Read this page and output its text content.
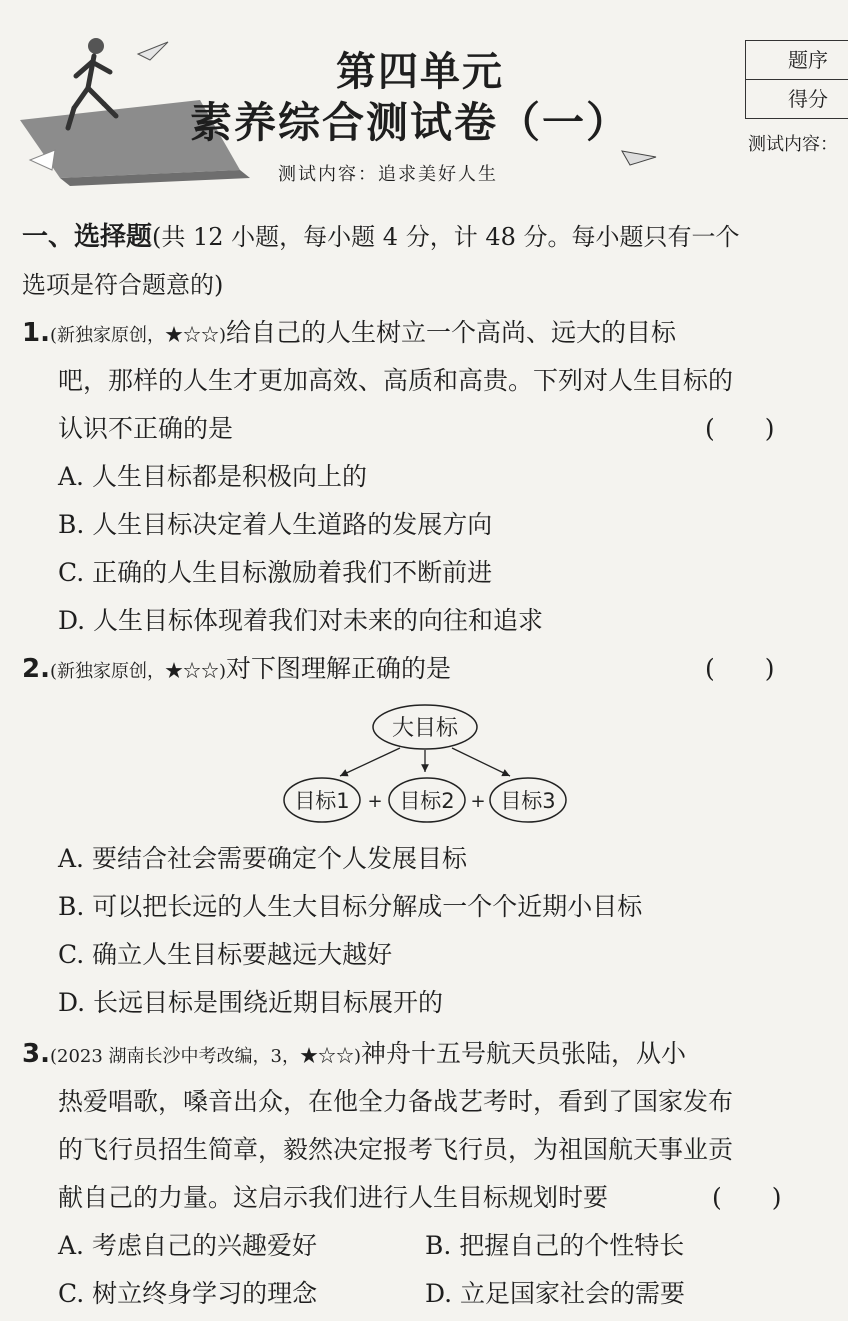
第四单元
素养综合测试卷（一）
测试内容：追求美好人生
题序
得分
测试内容：
一、选择题(共 12 小题，每小题 4 分，计 48 分。每小题只有一个
选项是符合题意的)
1.(新独家原创，★☆☆)给自己的人生树立一个高尚、远大的目标
吧，那样的人生才更加高效、高质和高贵。下列对人生目标的
认识不正确的是	(　　)
A. 人生目标都是积极向上的
B. 人生目标决定着人生道路的发展方向
C. 正确的人生目标激励着我们不断前进
D. 人生目标体现着我们对未来的向往和追求
2.(新独家原创，★☆☆)对下图理解正确的是	(　　)
大目标
目标1 + 目标2 + 目标3
A. 要结合社会需要确定个人发展目标
B. 可以把长远的人生大目标分解成一个个近期小目标
C. 确立人生目标要越远大越好
D. 长远目标是围绕近期目标展开的
3.(2023 湖南长沙中考改编，3，★☆☆)神舟十五号航天员张陆，从小
热爱唱歌，嗓音出众，在他全力备战艺考时，看到了国家发布
的飞行员招生简章，毅然决定报考飞行员，为祖国航天事业贡
献自己的力量。这启示我们进行人生目标规划时要	(　　)
A. 考虑自己的兴趣爱好	B. 把握自己的个性特长
C. 树立终身学习的理念	D. 立足国家社会的需要
